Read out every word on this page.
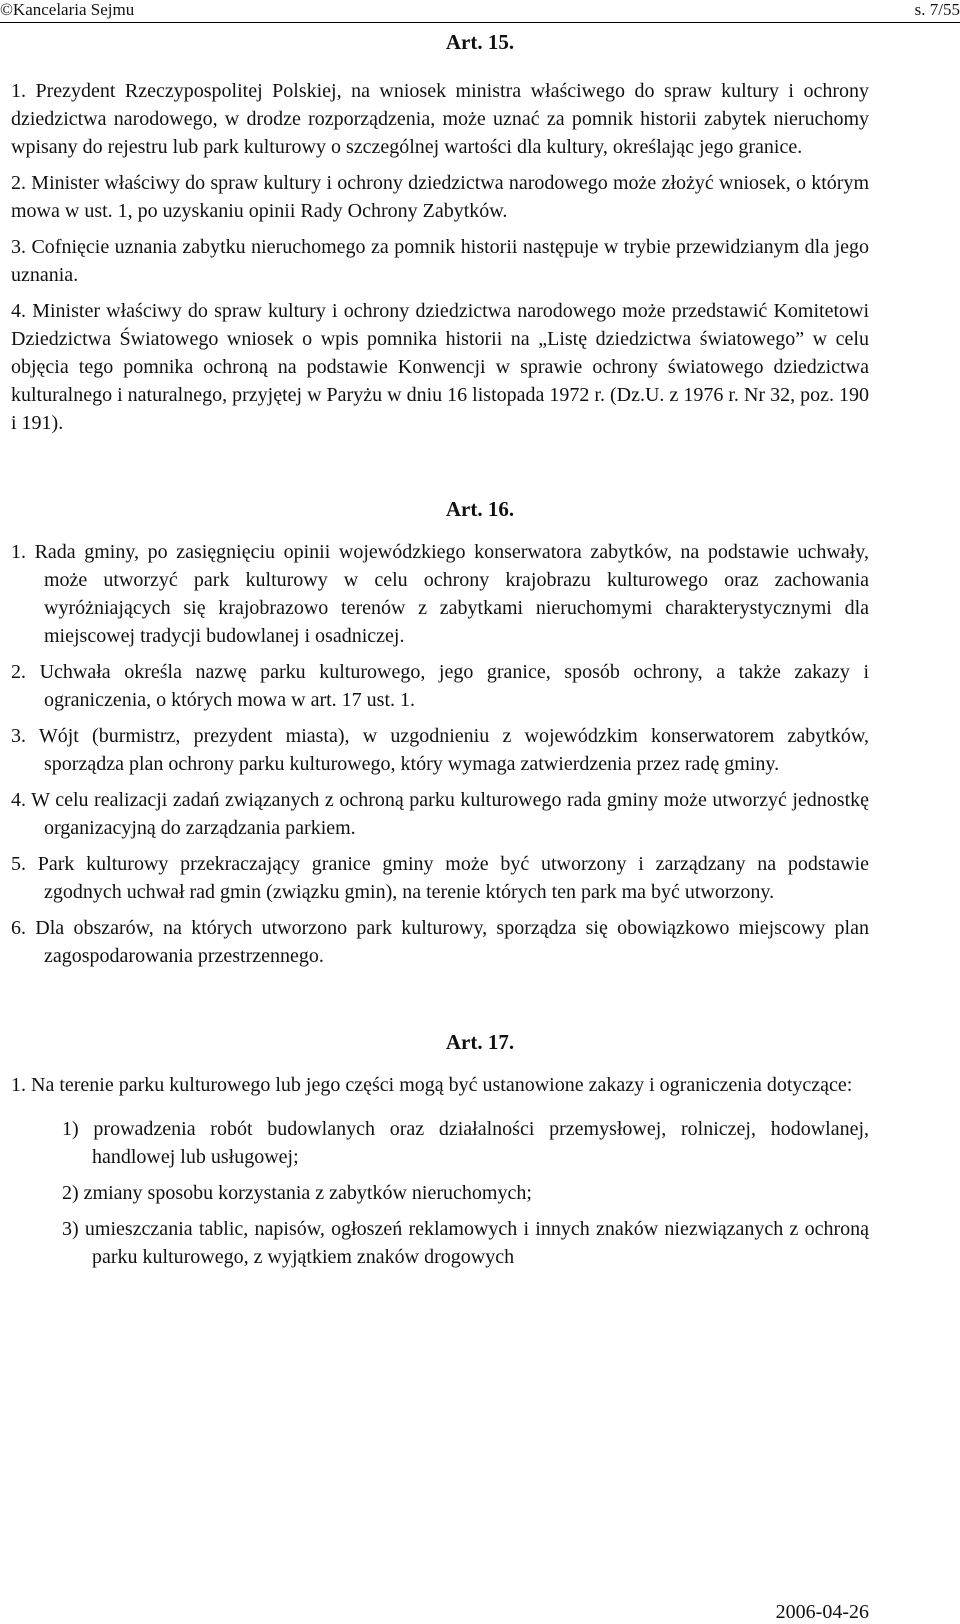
©Kancelaria Sejmu	s. 7/55

Art. 15.

1. Prezydent Rzeczypospolitej Polskiej, na wniosek ministra właściwego do spraw kultury i ochrony dziedzictwa narodowego, w drodze rozporządzenia, może uznać za pomnik historii zabytek nieruchomy wpisany do rejestru lub park kulturowy o szczególnej wartości dla kultury, określając jego granice.

2. Minister właściwy do spraw kultury i ochrony dziedzictwa narodowego może złożyć wniosek, o którym mowa w ust. 1, po uzyskaniu opinii Rady Ochrony Zabytków.

3. Cofnięcie uznania zabytku nieruchomego za pomnik historii następuje w trybie przewidzianym dla jego uznania.

4. Minister właściwy do spraw kultury i ochrony dziedzictwa narodowego może przedstawić Komitetowi Dziedzictwa Światowego wniosek o wpis pomnika historii na „Listę dziedzictwa światowego” w celu objęcia tego pomnika ochroną na podstawie Konwencji w sprawie ochrony światowego dziedzictwa kulturalnego i naturalnego, przyjętej w Paryżu w dniu 16 listopada 1972 r. (Dz.U. z 1976 r. Nr 32, poz. 190 i 191).

Art. 16.

1. Rada gminy, po zasięgnięciu opinii wojewódzkiego konserwatora zabytków, na podstawie uchwały, może utworzyć park kulturowy w celu ochrony krajobrazu kulturowego oraz zachowania wyróżniających się krajobrazowo terenów z zabytkami nieruchomymi charakterystycznymi dla miejscowej tradycji budowlanej i osadniczej.

2. Uchwała określa nazwę parku kulturowego, jego granice, sposób ochrony, a także zakazy i ograniczenia, o których mowa w art. 17 ust. 1.

3. Wójt (burmistrz, prezydent miasta), w uzgodnieniu z wojewódzkim konserwatorem zabytków, sporządza plan ochrony parku kulturowego, który wymaga zatwierdzenia przez radę gminy.

4. W celu realizacji zadań związanych z ochroną parku kulturowego rada gminy może utworzyć jednostkę organizacyjną do zarządzania parkiem.

5. Park kulturowy przekraczający granice gminy może być utworzony i zarządzany na podstawie zgodnych uchwał rad gmin (związku gmin), na terenie których ten park ma być utworzony.

6. Dla obszarów, na których utworzono park kulturowy, sporządza się obowiązkowo miejscowy plan zagospodarowania przestrzennego.

Art. 17.

1. Na terenie parku kulturowego lub jego części mogą być ustanowione zakazy i ograniczenia dotyczące:

1) prowadzenia robót budowlanych oraz działalności przemysłowej, rolniczej, hodowlanej, handlowej lub usługowej;

2) zmiany sposobu korzystania z zabytków nieruchomych;

3) umieszczania tablic, napisów, ogłoszeń reklamowych i innych znaków niezwiązanych z ochroną parku kulturowego, z wyjątkiem znaków drogowych

2006-04-26
